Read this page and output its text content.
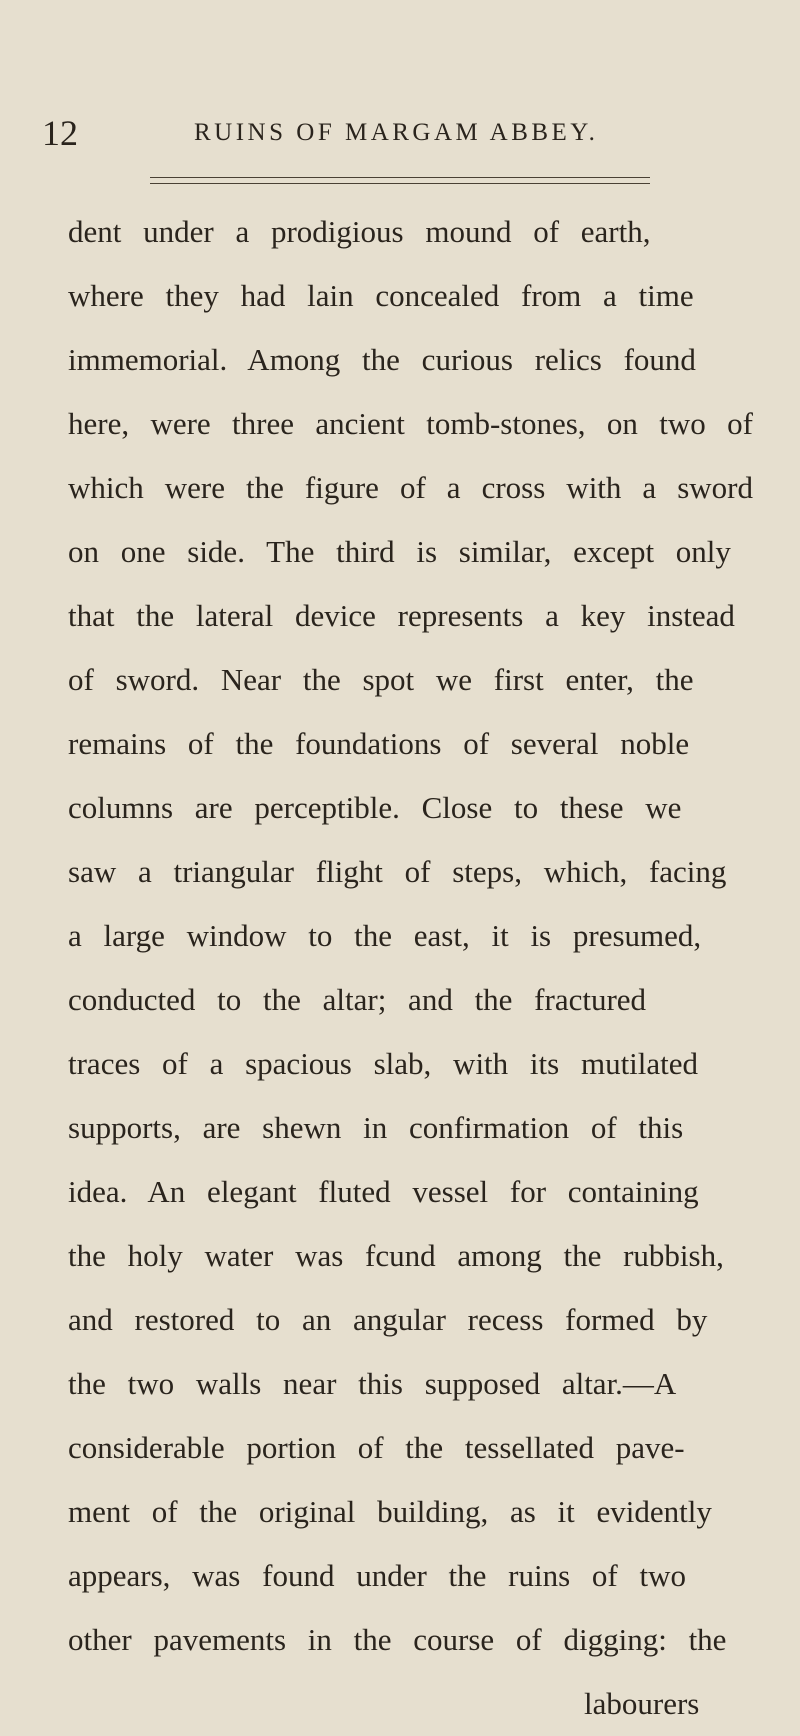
12	RUINS OF MARGAM ABBEY.
dent under a prodigious mound of earth,
where they had lain concealed from a time
immemorial. Among the curious relics found
here, were three ancient tomb-stones, on two of
which were the figure of a cross with a sword
on one side. The third is similar, except only
that the lateral device represents a key instead
of sword. Near the spot we first enter, the
remains of the foundations of several noble
columns are perceptible. Close to these we
saw a triangular flight of steps, which, facing
a large window to the east, it is presumed,
conducted to the altar; and the fractured
traces of a spacious slab, with its mutilated
supports, are shewn in confirmation of this
idea. An elegant fluted vessel for containing
the holy water was fcund among the rubbish,
and restored to an angular recess formed by
the two walls near this supposed altar.—A
considerable portion of the tessellated pave-
ment of the original building, as it evidently
appears, was found under the ruins of two
other pavements in the course of digging: the
labourers
